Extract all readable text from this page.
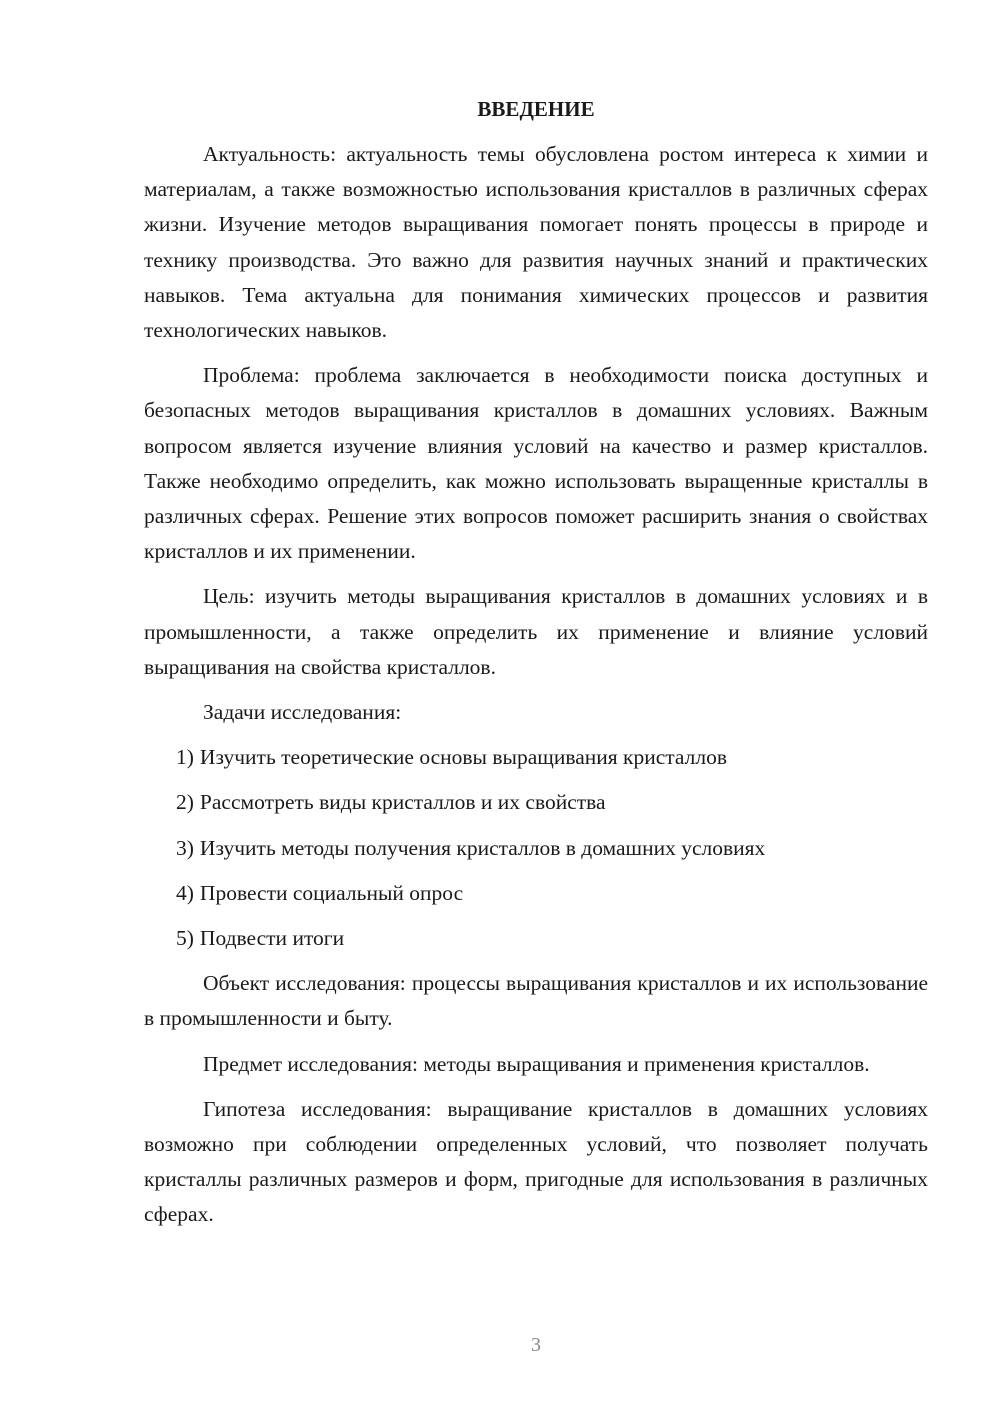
ВВЕДЕНИЕ

Актуальность: актуальность темы обусловлена ростом интереса к химии и материалам, а также возможностью использования кристаллов в различных сферах жизни. Изучение методов выращивания помогает понять процессы в природе и технику производства. Это важно для развития научных знаний и практических навыков. Тема актуальна для понимания химических процессов и развития технологических навыков.

Проблема: проблема заключается в необходимости поиска доступных и безопасных методов выращивания кристаллов в домашних условиях. Важным вопросом является изучение влияния условий на качество и размер кристаллов. Также необходимо определить, как можно использовать выращенные кристаллы в различных сферах. Решение этих вопросов поможет расширить знания о свойствах кристаллов и их применении.

Цель: изучить методы выращивания кристаллов в домашних условиях и в промышленности, а также определить их применение и влияние условий выращивания на свойства кристаллов.

Задачи исследования:

1) Изучить теоретические основы выращивания кристаллов
2) Рассмотреть виды кристаллов и их свойства
3) Изучить методы получения кристаллов в домашних условиях
4) Провести социальный опрос
5) Подвести итоги

Объект исследования: процессы выращивания кристаллов и их использование в промышленности и быту.

Предмет исследования: методы выращивания и применения кристаллов.

Гипотеза исследования: выращивание кристаллов в домашних условиях возможно при соблюдении определенных условий, что позволяет получать кристаллы различных размеров и форм, пригодные для использования в различных сферах.

3
